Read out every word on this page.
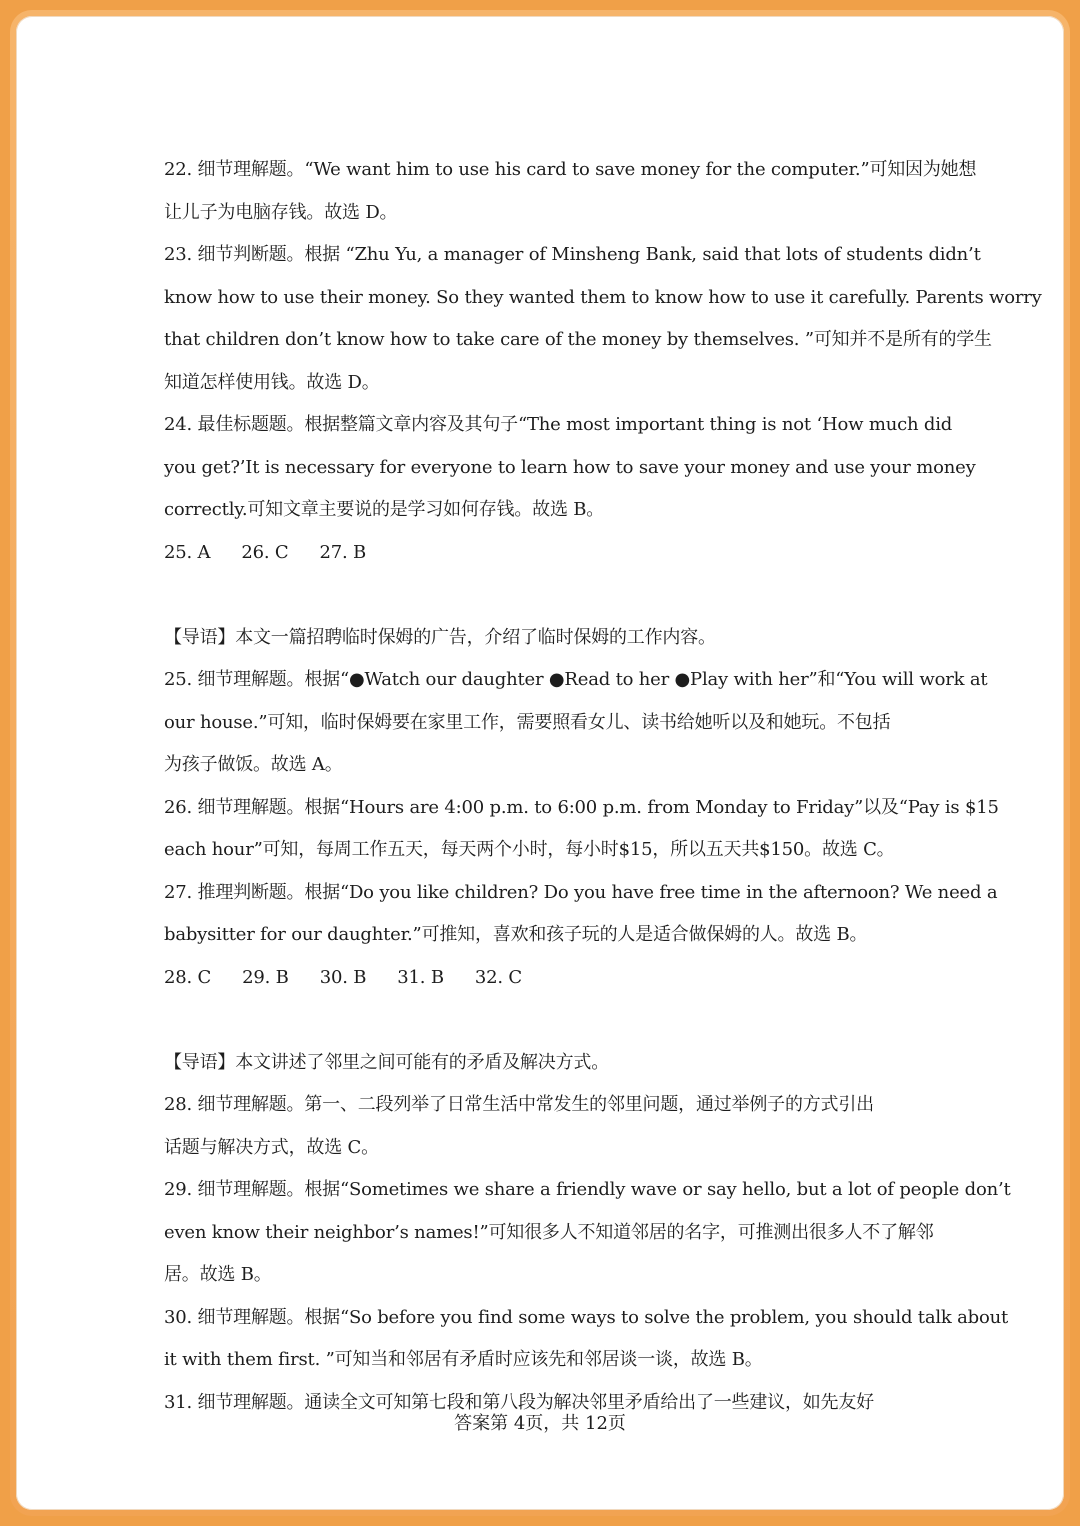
22. 细节理解题。“We want him to use his card to save money for the computer.”可知因为她想
让儿子为电脑存钱。故选 D。
23. 细节判断题。根据 “Zhu Yu, a manager of Minsheng Bank, said that lots of students didn’t
know how to use their money. So they wanted them to know how to use it carefully. Parents worry
that children don’t know how to take care of the money by themselves. ”可知并不是所有的学生
知道怎样使用钱。故选 D。
24. 最佳标题题。根据整篇文章内容及其句子“The most important thing is not ‘How much did
you get?’It is necessary for everyone to learn how to save your money and use your money
correctly.可知文章主要说的是学习如何存钱。故选 B。
25. A 26. C 27. B
【导语】本文一篇招聘临时保姆的广告，介绍了临时保姆的工作内容。
25. 细节理解题。根据“●Watch our daughter ●Read to her ●Play with her”和“You will work at
our house.”可知，临时保姆要在家里工作，需要照看女儿、读书给她听以及和她玩。不包括
为孩子做饭。故选 A。
26. 细节理解题。根据“Hours are 4:00 p.m. to 6:00 p.m. from Monday to Friday”以及“Pay is $15
each hour”可知，每周工作五天，每天两个小时，每小时$15，所以五天共$150。故选 C。
27. 推理判断题。根据“Do you like children? Do you have free time in the afternoon? We need a
babysitter for our daughter.”可推知，喜欢和孩子玩的人是适合做保姆的人。故选 B。
28. C 29. B 30. B 31. B 32. C
【导语】本文讲述了邻里之间可能有的矛盾及解决方式。
28. 细节理解题。第一、二段列举了日常生活中常发生的邻里问题，通过举例子的方式引出
话题与解决方式，故选 C。
29. 细节理解题。根据“Sometimes we share a friendly wave or say hello, but a lot of people don’t
even know their neighbor’s names!”可知很多人不知道邻居的名字，可推测出很多人不了解邻
居。故选 B。
30. 细节理解题。根据“So before you find some ways to solve the problem, you should talk about
it with them first. ”可知当和邻居有矛盾时应该先和邻居谈一谈，故选 B。
31. 细节理解题。通读全文可知第七段和第八段为解决邻里矛盾给出了一些建议，如先友好
答案第 4页，共 12页
